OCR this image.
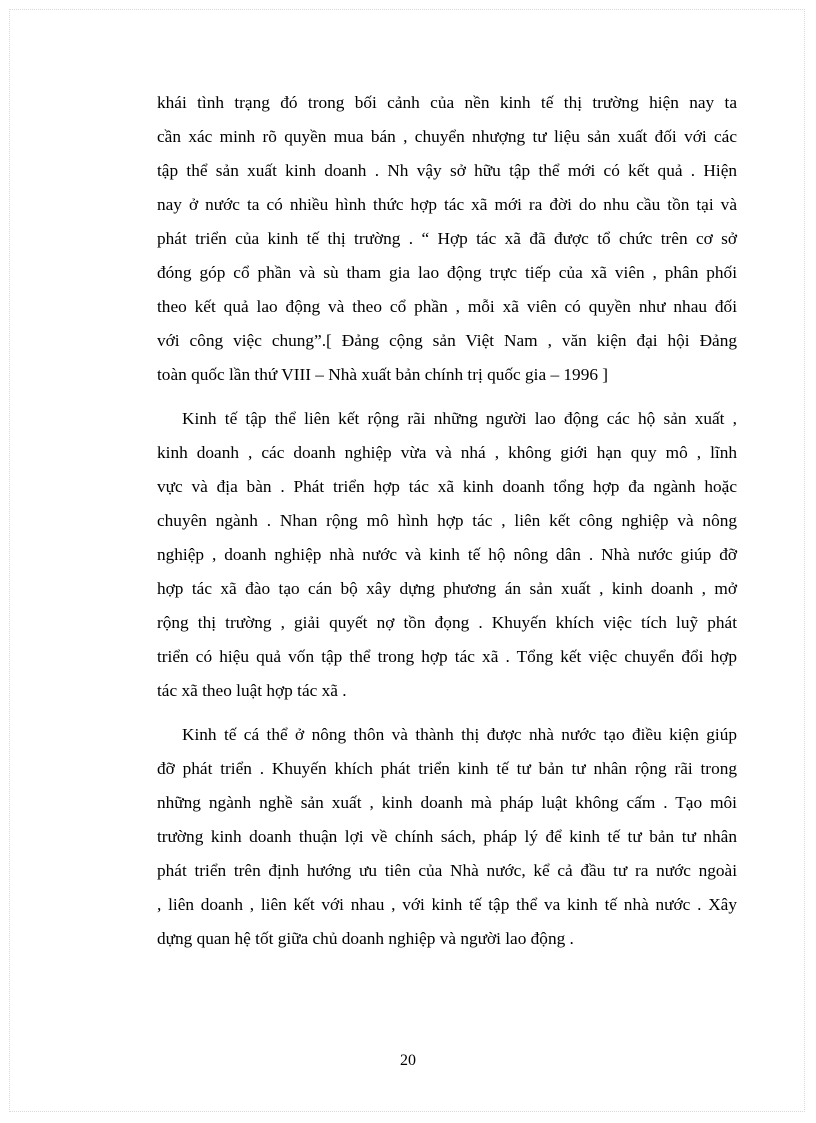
khái tình trạng đó trong bối cảnh của nền kinh tế thị trường hiện nay ta
cần xác minh rõ quyền mua bán , chuyển nhượng tư liệu sản xuất đối với các
tập thể sản xuất kinh doanh . Nh vậy sở hữu tập thể mới có kết quả . Hiện
nay ở nước ta có nhiều hình thức hợp tác xã mới ra đời do nhu cầu tồn tại và
phát triển của kinh tế thị trường . “ Hợp tác xã đã được tổ chức trên cơ sở
đóng góp cổ phần và sù tham gia lao động trực tiếp của xã viên , phân phối
theo kết quả lao động và theo cổ phần , mỗi xã viên có quyền như nhau đối
với công việc chung”.[ Đảng cộng sản Việt Nam , văn kiện đại hội Đảng
toàn quốc lần thứ VIII – Nhà xuất bản chính trị quốc gia – 1996 ]
Kinh tế tập thể liên kết rộng rãi những người lao động các hộ sản xuất ,
kinh doanh , các doanh nghiệp vừa và nhá , không giới hạn quy mô , lĩnh
vực và địa bàn . Phát triển hợp tác xã kinh doanh tổng hợp đa ngành hoặc
chuyên ngành . Nhan rộng mô hình hợp tác , liên kết công nghiệp và nông
nghiệp , doanh nghiệp nhà nước và kinh tế hộ nông dân . Nhà nước giúp đỡ
hợp tác xã đào tạo cán bộ xây dựng phương án sản xuất , kinh doanh , mở
rộng thị trường , giải quyết nợ tồn đọng . Khuyến khích việc tích luỹ phát
triển có hiệu quả vốn tập thể trong hợp tác xã . Tổng kết việc chuyển đổi hợp
tác xã theo luật hợp tác xã .
Kinh tế cá thể ở nông thôn và thành thị được nhà nước tạo điều kiện giúp
đỡ phát triển . Khuyến khích phát triển kinh tế tư bản tư nhân rộng rãi trong
những ngành nghề sản xuất , kinh doanh mà pháp luật không cấm . Tạo môi
trường kinh doanh thuận lợi về chính sách, pháp lý để kinh tế tư bản tư nhân
phát triển trên định hướng ưu tiên của Nhà nước, kể cả đầu tư ra nước ngoài
, liên doanh , liên kết với nhau , với kinh tế tập thể va kinh tế nhà nước . Xây
dựng quan hệ tốt giữa chủ doanh nghiệp và người lao động .
20
